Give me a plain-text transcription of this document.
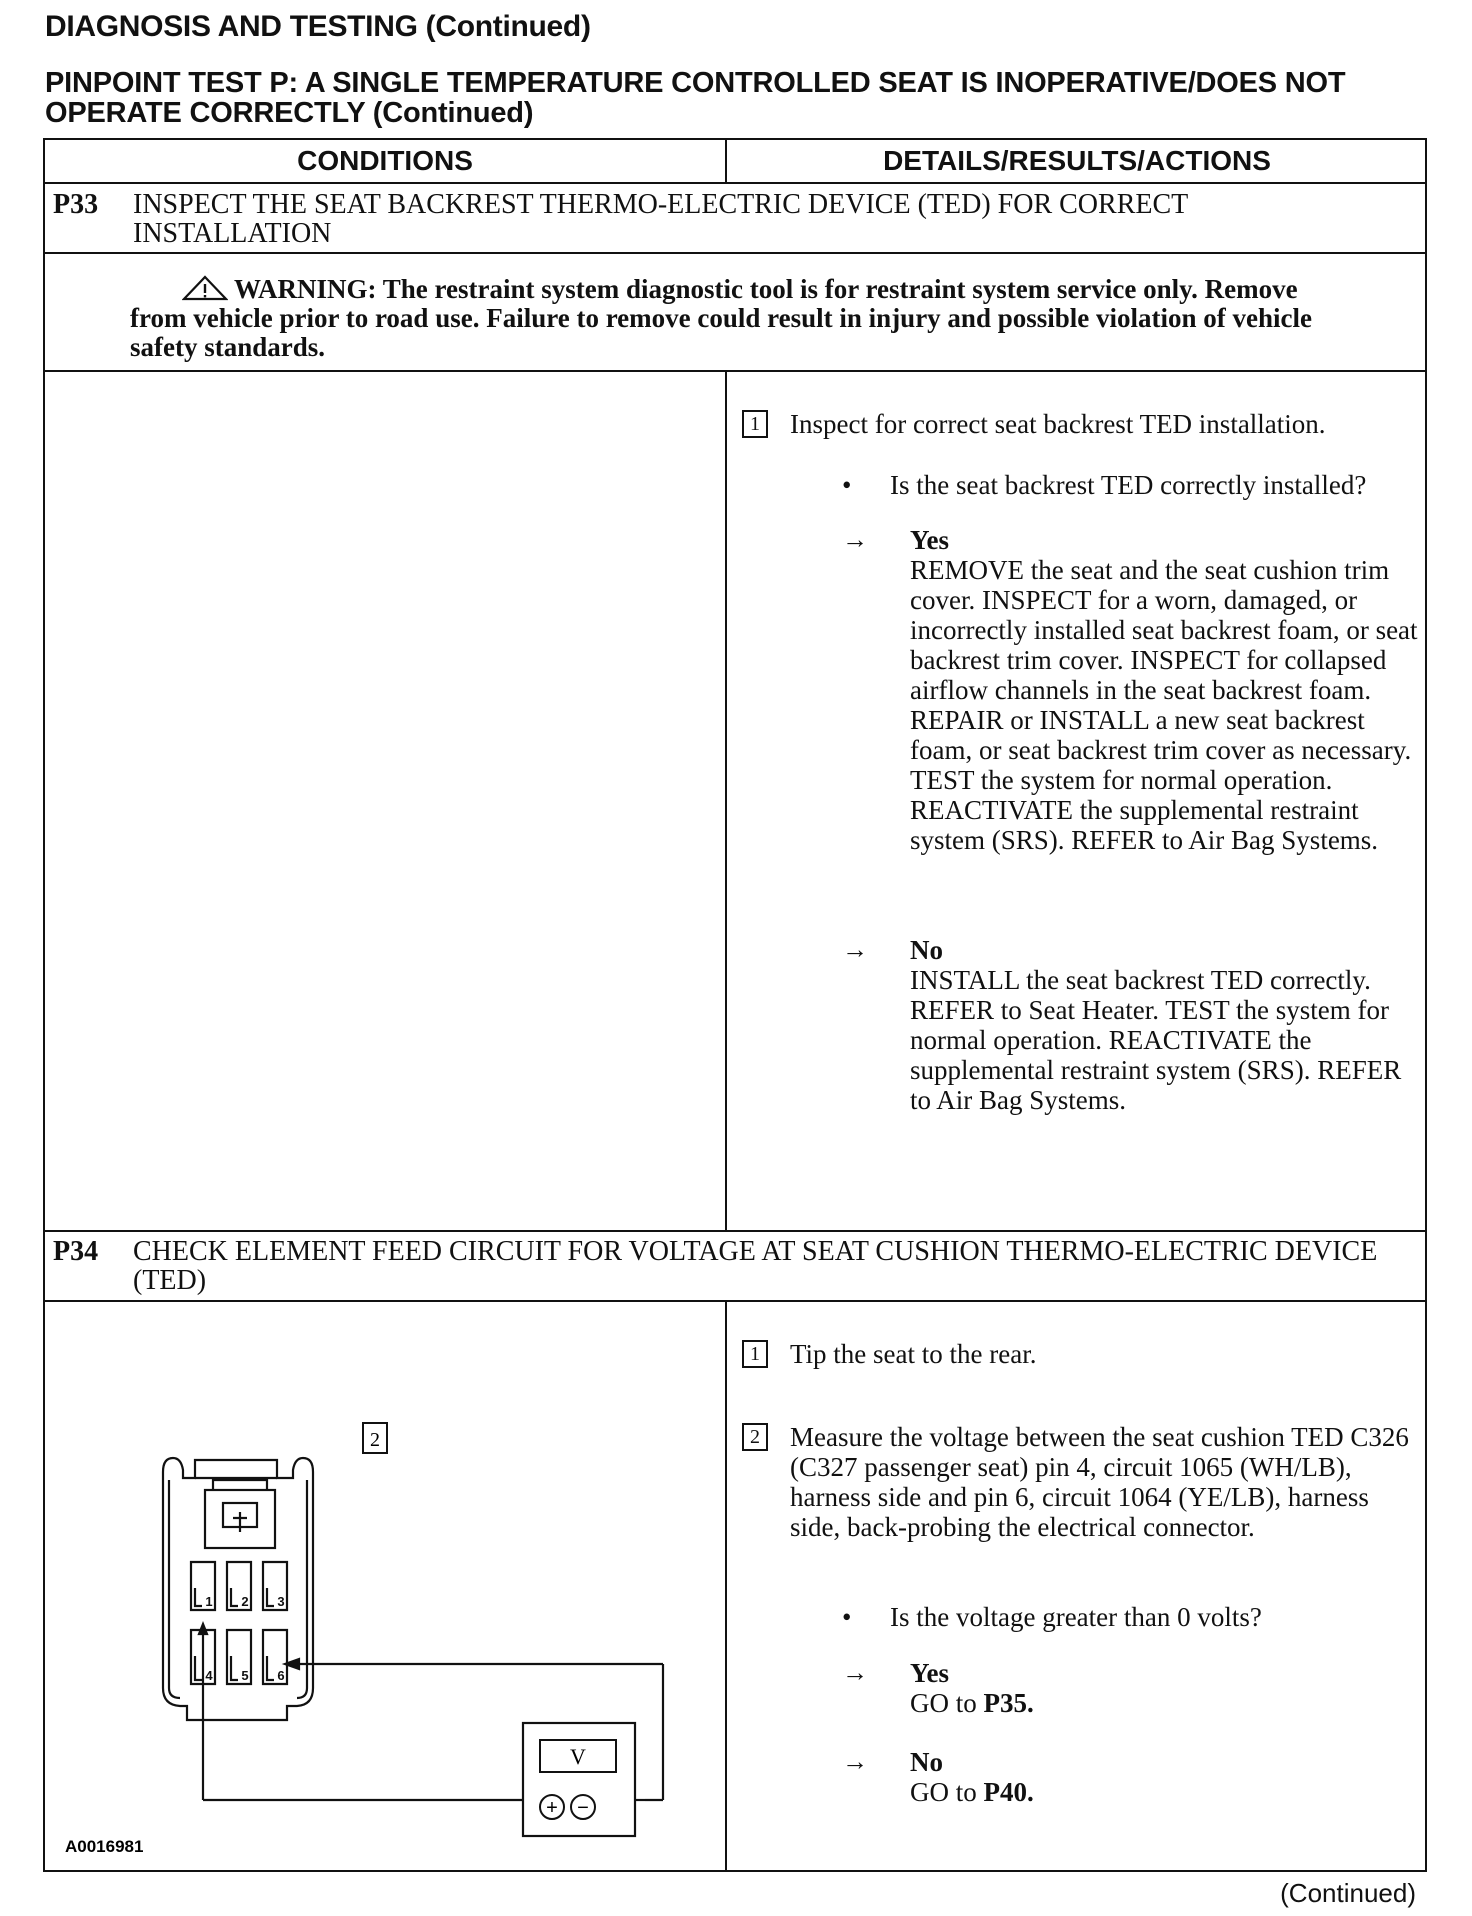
DIAGNOSIS AND TESTING (Continued)
PINPOINT TEST P: A SINGLE TEMPERATURE CONTROLLED SEAT IS INOPERATIVE/DOES NOT OPERATE CORRECTLY (Continued)
CONDITIONS	DETAILS/RESULTS/ACTIONS
P33 INSPECT THE SEAT BACKREST THERMO-ELECTRIC DEVICE (TED) FOR CORRECT INSTALLATION
WARNING: The restraint system diagnostic tool is for restraint system service only. Remove from vehicle prior to road use. Failure to remove could result in injury and possible violation of vehicle safety standards.
1 Inspect for correct seat backrest TED installation.
• Is the seat backrest TED correctly installed?
→ Yes
REMOVE the seat and the seat cushion trim cover. INSPECT for a worn, damaged, or incorrectly installed seat backrest foam, or seat backrest trim cover. INSPECT for collapsed airflow channels in the seat backrest foam. REPAIR or INSTALL a new seat backrest foam, or seat backrest trim cover as necessary. TEST the system for normal operation. REACTIVATE the supplemental restraint system (SRS). REFER to Air Bag Systems.
→ No
INSTALL the seat backrest TED correctly. REFER to Seat Heater. TEST the system for normal operation. REACTIVATE the supplemental restraint system (SRS). REFER to Air Bag Systems.
P34 CHECK ELEMENT FEED CIRCUIT FOR VOLTAGE AT SEAT CUSHION THERMO-ELECTRIC DEVICE (TED)
1 Tip the seat to the rear.
2 Measure the voltage between the seat cushion TED C326 (C327 passenger seat) pin 4, circuit 1065 (WH/LB), harness side and pin 6, circuit 1064 (YE/LB), harness side, back-probing the electrical connector.
• Is the voltage greater than 0 volts?
→ Yes
GO to P35.
→ No
GO to P40.
2
1 2 3
4 5 6
V
+ −
A0016981
(Continued)
